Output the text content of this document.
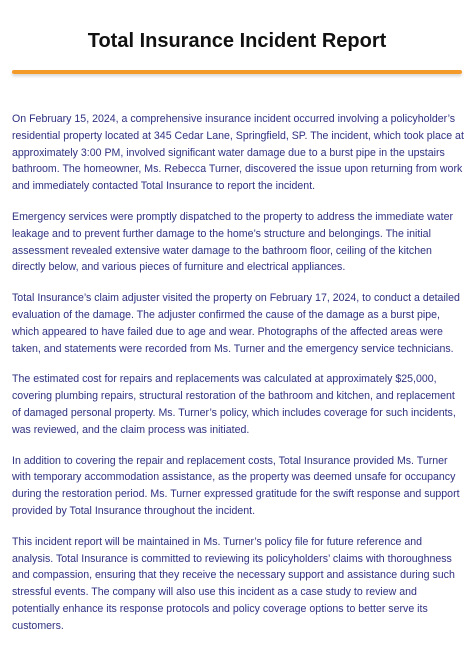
Total Insurance Incident Report

On February 15, 2024, a comprehensive insurance incident occurred involving a policyholder’s residential property located at 345 Cedar Lane, Springfield, SP. The incident, which took place at approximately 3:00 PM, involved significant water damage due to a burst pipe in the upstairs bathroom. The homeowner, Ms. Rebecca Turner, discovered the issue upon returning from work and immediately contacted Total Insurance to report the incident.

Emergency services were promptly dispatched to the property to address the immediate water leakage and to prevent further damage to the home’s structure and belongings. The initial assessment revealed extensive water damage to the bathroom floor, ceiling of the kitchen directly below, and various pieces of furniture and electrical appliances.

Total Insurance’s claim adjuster visited the property on February 17, 2024, to conduct a detailed evaluation of the damage. The adjuster confirmed the cause of the damage as a burst pipe, which appeared to have failed due to age and wear. Photographs of the affected areas were taken, and statements were recorded from Ms. Turner and the emergency service technicians.

The estimated cost for repairs and replacements was calculated at approximately $25,000, covering plumbing repairs, structural restoration of the bathroom and kitchen, and replacement of damaged personal property. Ms. Turner’s policy, which includes coverage for such incidents, was reviewed, and the claim process was initiated.

In addition to covering the repair and replacement costs, Total Insurance provided Ms. Turner with temporary accommodation assistance, as the property was deemed unsafe for occupancy during the restoration period. Ms. Turner expressed gratitude for the swift response and support provided by Total Insurance throughout the incident.

This incident report will be maintained in Ms. Turner’s policy file for future reference and analysis. Total Insurance is committed to reviewing its policyholders’ claims with thoroughness and compassion, ensuring that they receive the necessary support and assistance during such stressful events. The company will also use this incident as a case study to review and potentially enhance its response protocols and policy coverage options to better serve its customers.
